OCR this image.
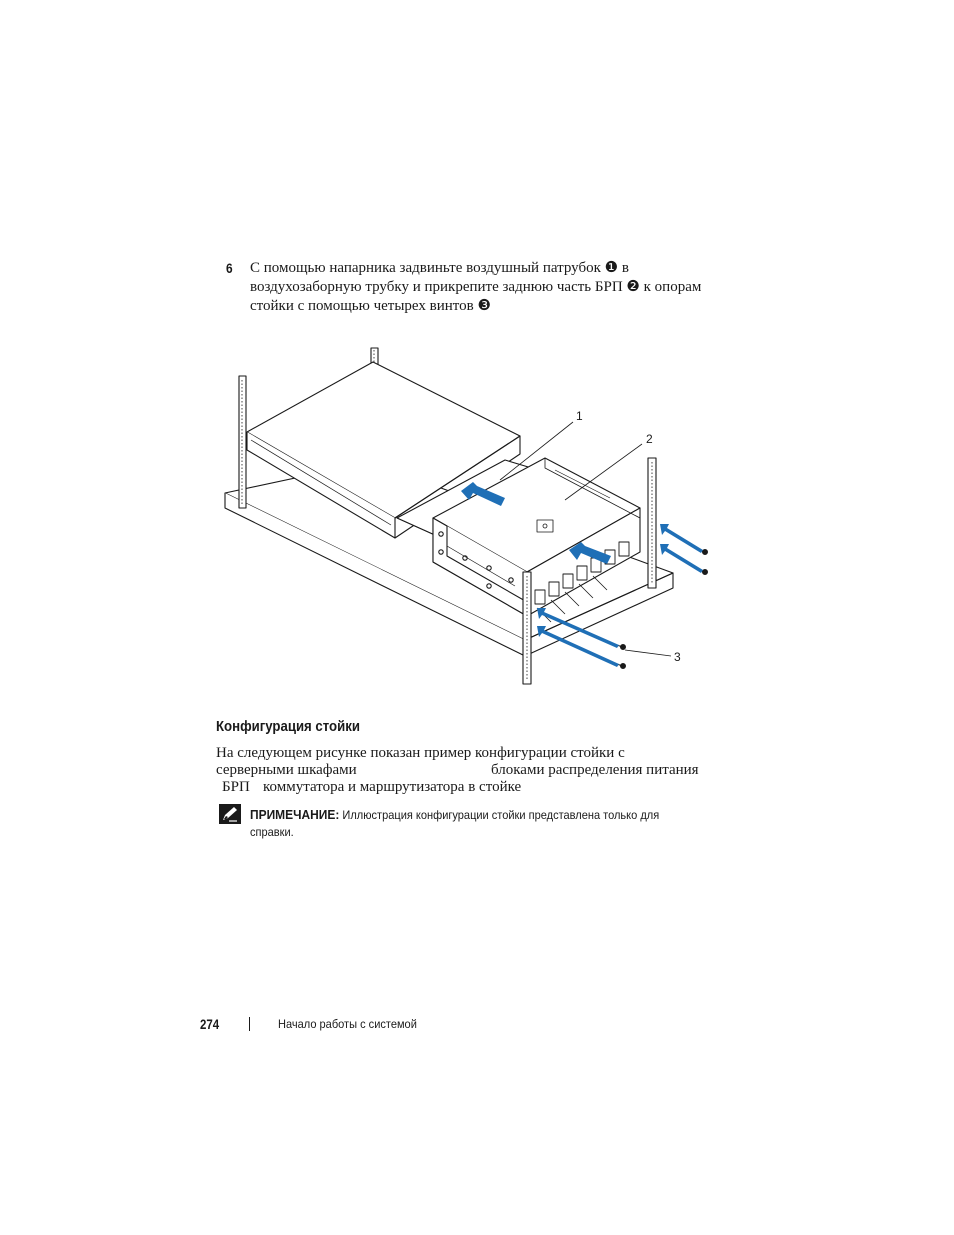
6 С помощью напарника задвиньте воздушный патрубок ❶ в
воздухозаборную трубку и прикрепите заднюю часть БРП ❷ к опорам
стойки с помощью четырех винтов ❸
1
2
3
Конфигурация стойки
На следующем рисунке показан пример конфигурации стойки с
серверными шкафами	блоками распределения питания
БРП коммутатора и маршрутизатора в стойке
ПРИМЕЧАНИЕ: Иллюстрация конфигурации стойки представлена только для справки.
274	Начало работы с системой
